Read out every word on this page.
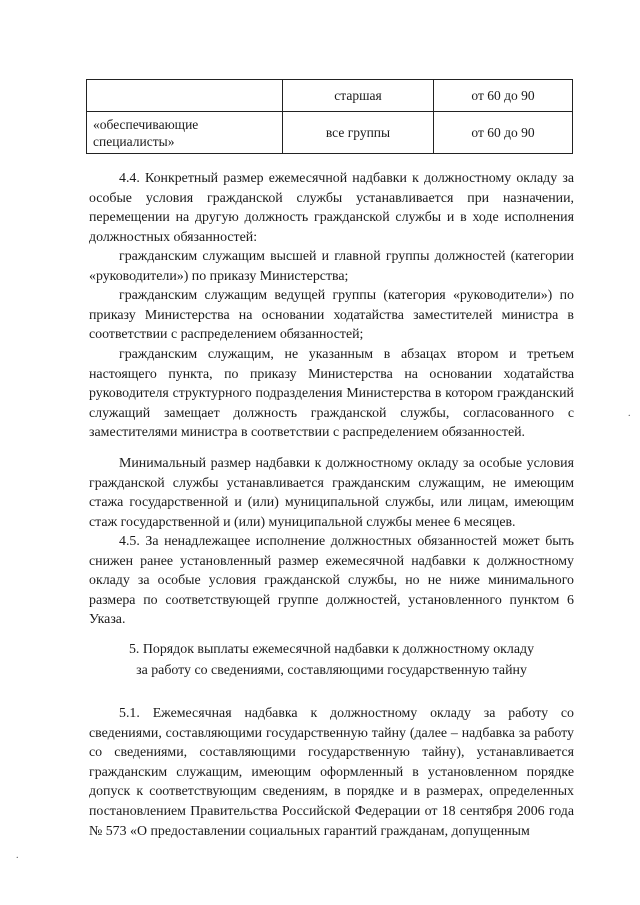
	старшая	от 60 до 90
«обеспечивающие специалисты»	все группы	от 60 до 90

4.4. Конкретный размер ежемесячной надбавки к должностному окладу за особые условия гражданской службы устанавливается при назначении, перемещении на другую должность гражданской службы и в ходе исполнения должностных обязанностей:

гражданским служащим высшей и главной группы должностей (категории «руководители») по приказу Министерства;

гражданским служащим ведущей группы (категория «руководители») по приказу Министерства на основании ходатайства заместителей министра в соответствии с распределением обязанностей;

гражданским служащим, не указанным в абзацах втором и третьем настоящего пункта, по приказу Министерства на основании ходатайства руководителя структурного подразделения Министерства в котором гражданский служащий замещает должность гражданской службы, согласованного с заместителями министра в соответствии с распределением обязанностей.

Минимальный размер надбавки к должностному окладу за особые условия гражданской службы устанавливается гражданским служащим, не имеющим стажа государственной и (или) муниципальной службы, или лицам, имеющим стаж государственной и (или) муниципальной службы менее 6 месяцев.

4.5. За ненадлежащее исполнение должностных обязанностей может быть снижен ранее установленный размер ежемесячной надбавки к должностному окладу за особые условия гражданской службы, но не ниже минимального размера по соответствующей группе должностей, установленного пунктом 6 Указа.

5. Порядок выплаты ежемесячной надбавки к должностному окладу

за работу со сведениями, составляющими государственную тайну

5.1. Ежемесячная надбавка к должностному окладу за работу со сведениями, составляющими государственную тайну (далее – надбавка за работу со сведениями, составляющими государственную тайну), устанавливается гражданским служащим, имеющим оформленный в установленном порядке допуск к соответствующим сведениям, в порядке и в размерах, определенных постановлением Правительства Российской Федерации от 18 сентября 2006 года № 573 «О предоставлении социальных гарантий гражданам, допущенным

.
.
